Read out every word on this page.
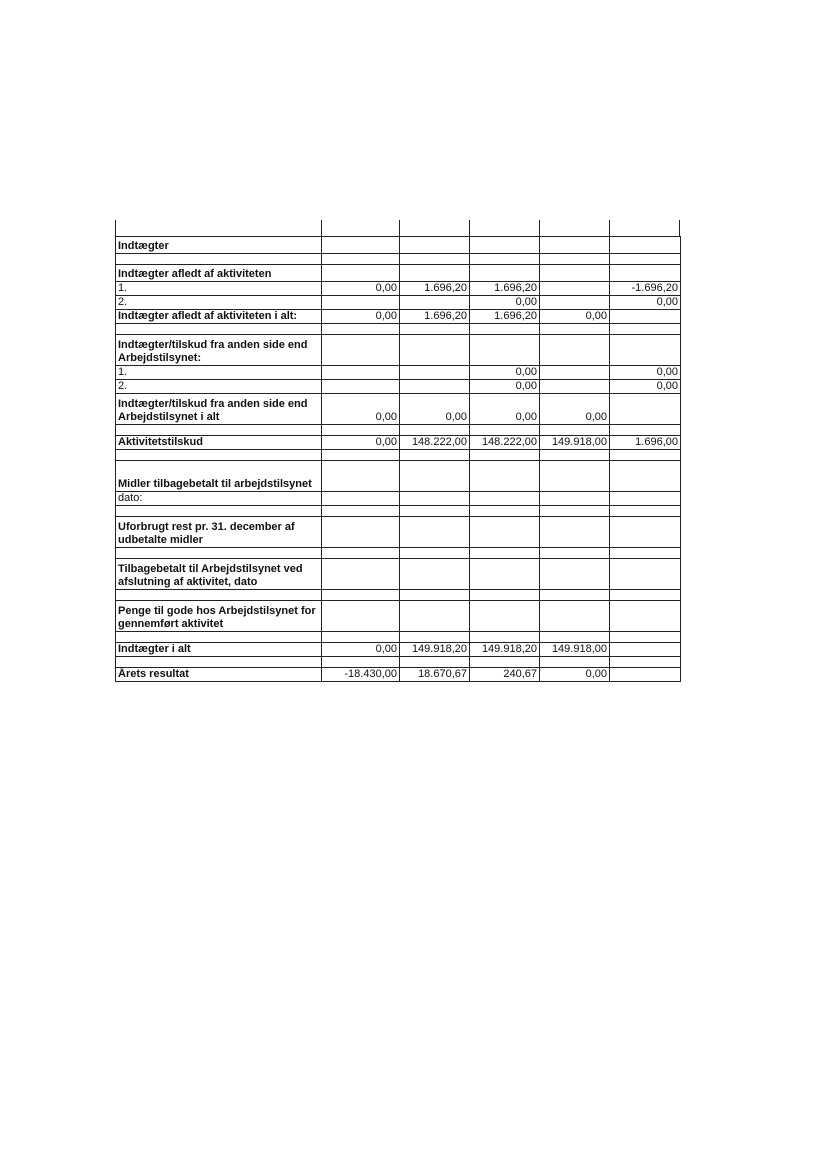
Indtægter					

Indtægter afledt af aktiviteten					
1.	0,00	1.696,20	1.696,20		-1.696,20
2.			0,00		0,00
Indtægter afledt af aktiviteten i alt:	0,00	1.696,20	1.696,20	0,00	

Indtægter/tilskud fra anden side end Arbejdstilsynet:					
1.			0,00		0,00
2.			0,00		0,00
Indtægter/tilskud fra anden side end Arbejdstilsynet i alt	0,00	0,00	0,00	0,00	

Aktivitetstilskud	0,00	148.222,00	148.222,00	149.918,00	1.696,00

Midler tilbagebetalt til arbejdstilsynet					
dato:					

Uforbrugt rest pr. 31. december af udbetalte midler					

Tilbagebetalt til Arbejdstilsynet ved afslutning af aktivitet, dato					

Penge til gode hos Arbejdstilsynet for gennemført aktivitet					

Indtægter i alt	0,00	149.918,20	149.918,20	149.918,00	

Årets resultat	-18.430,00	18.670,67	240,67	0,00	
